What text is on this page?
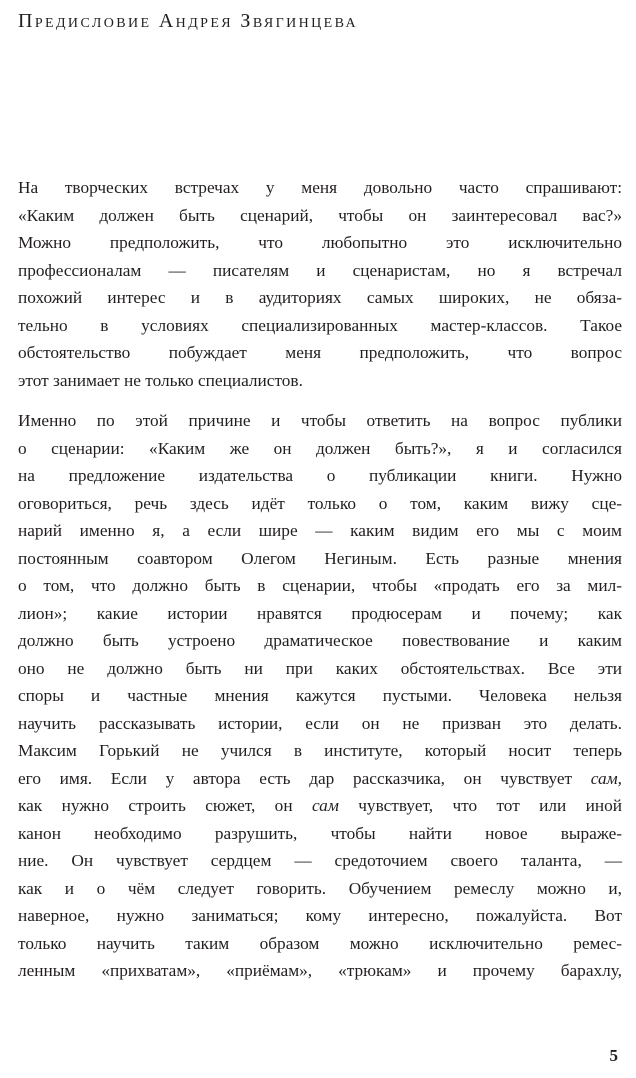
Предисловие Андрея Звягинцева
На творческих встречах у меня довольно часто спрашивают:
«Каким должен быть сценарий, чтобы он заинтересовал вас?»
Можно предположить, что любопытно это исключительно
профессионалам — писателям и сценаристам, но я встречал
похожий интерес и в аудиториях самых широких, не обяза-
тельно в условиях специализированных мастер-классов. Такое
обстоятельство побуждает меня предположить, что вопрос
этот занимает не только специалистов.
Именно по этой причине и чтобы ответить на вопрос публики
о сценарии: «Каким же он должен быть?», я и согласился
на предложение издательства о публикации книги. Нужно
оговориться, речь здесь идёт только о том, каким вижу сце-
нарий именно я, а если шире — каким видим его мы с моим
постоянным соавтором Олегом Негиным. Есть разные мнения
о том, что должно быть в сценарии, чтобы «продать его за мил-
лион»; какие истории нравятся продюсерам и почему; как
должно быть устроено драматическое повествование и каким
оно не должно быть ни при каких обстоятельствах. Все эти
споры и частные мнения кажутся пустыми. Человека нельзя
научить рассказывать истории, если он не призван это делать.
Максим Горький не учился в институте, который носит теперь
его имя. Если у автора есть дар рассказчика, он чувствует сам,
как нужно строить сюжет, он сам чувствует, что тот или иной
канон необходимо разрушить, чтобы найти новое выраже-
ние. Он чувствует сердцем — средоточием своего таланта, —
как и о чём следует говорить. Обучением ремеслу можно и,
наверное, нужно заниматься; кому интересно, пожалуйста. Вот
только научить таким образом можно исключительно ремес-
ленным «прихватам», «приёмам», «трюкам» и прочему барахлу,
5
